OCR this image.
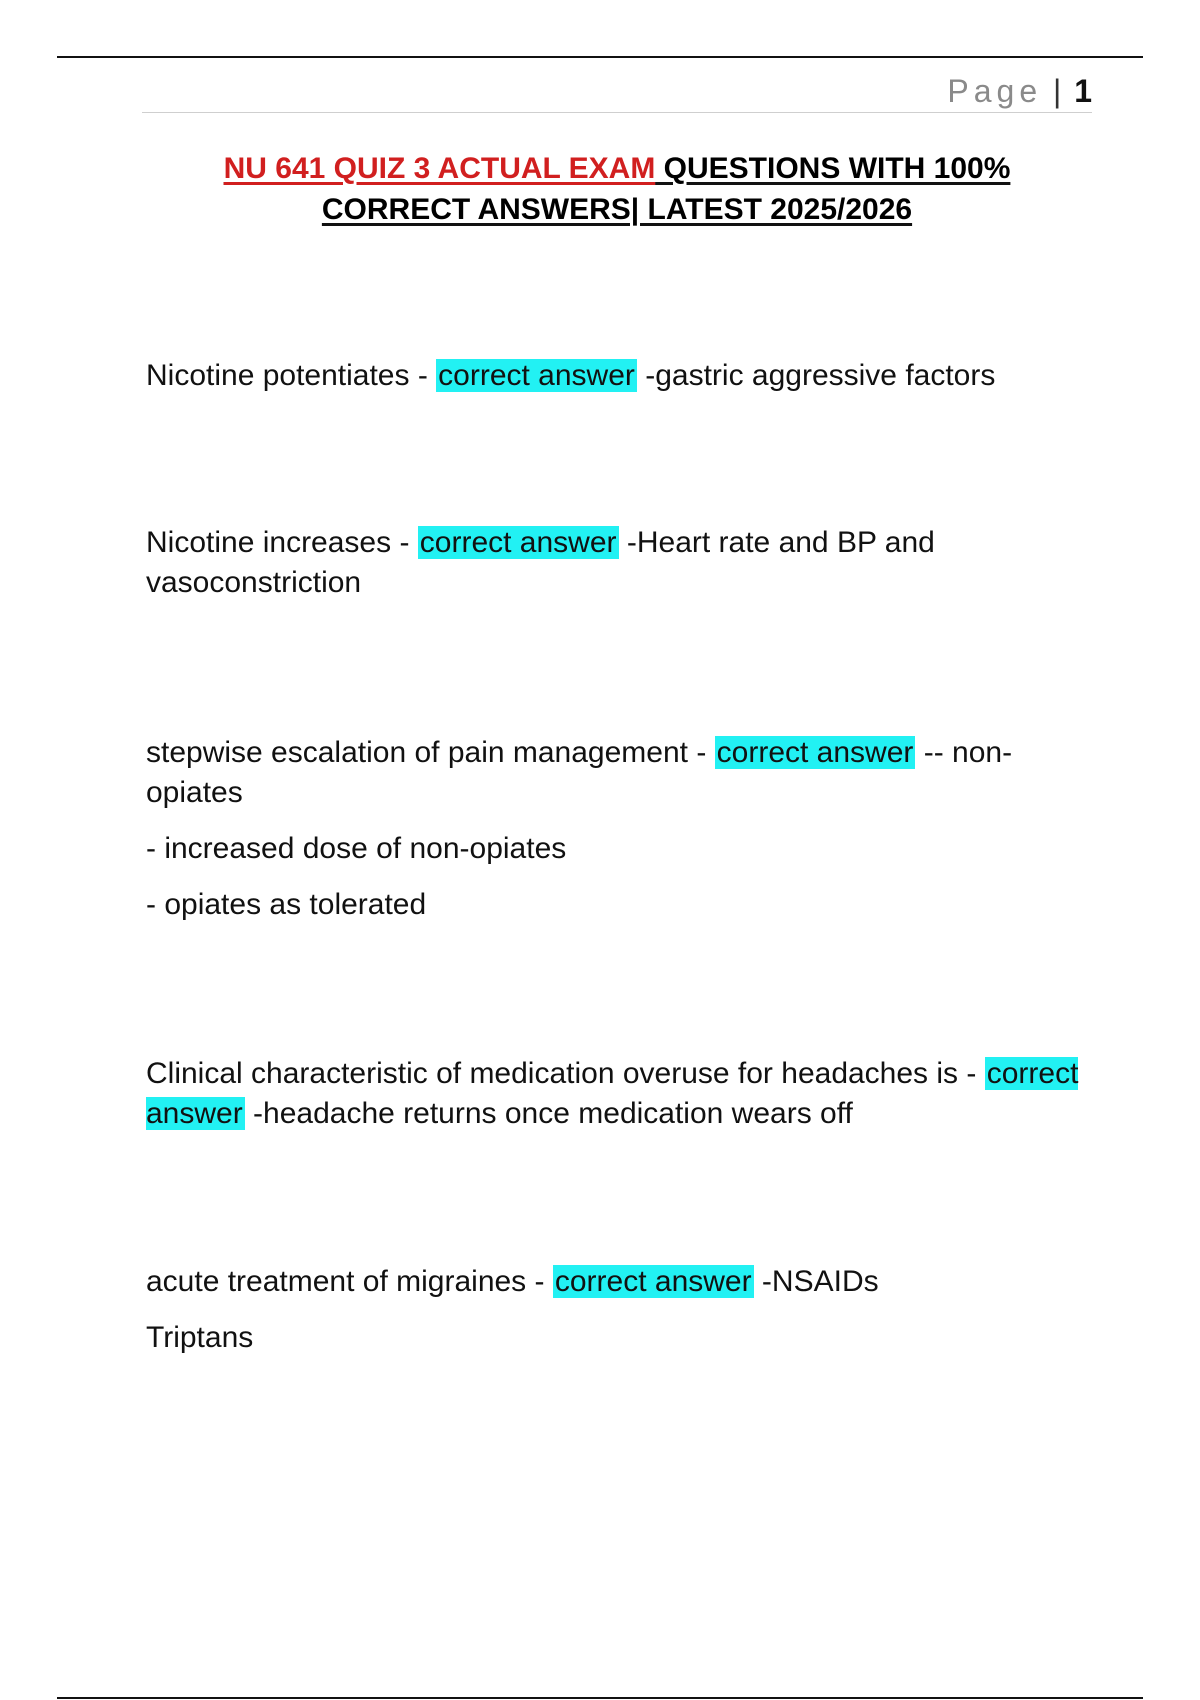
Page | 1
NU 641 QUIZ 3 ACTUAL EXAM QUESTIONS WITH 100%
CORRECT ANSWERS| LATEST 2025/2026

Nicotine potentiates - correct answer -gastric aggressive factors

Nicotine increases - correct answer -Heart rate and BP and vasoconstriction

stepwise escalation of pain management - correct answer -- non-opiates

- increased dose of non-opiates

- opiates as tolerated

Clinical characteristic of medication overuse for headaches is - correct answer -headache returns once medication wears off

acute treatment of migraines - correct answer -NSAIDs

Triptans
